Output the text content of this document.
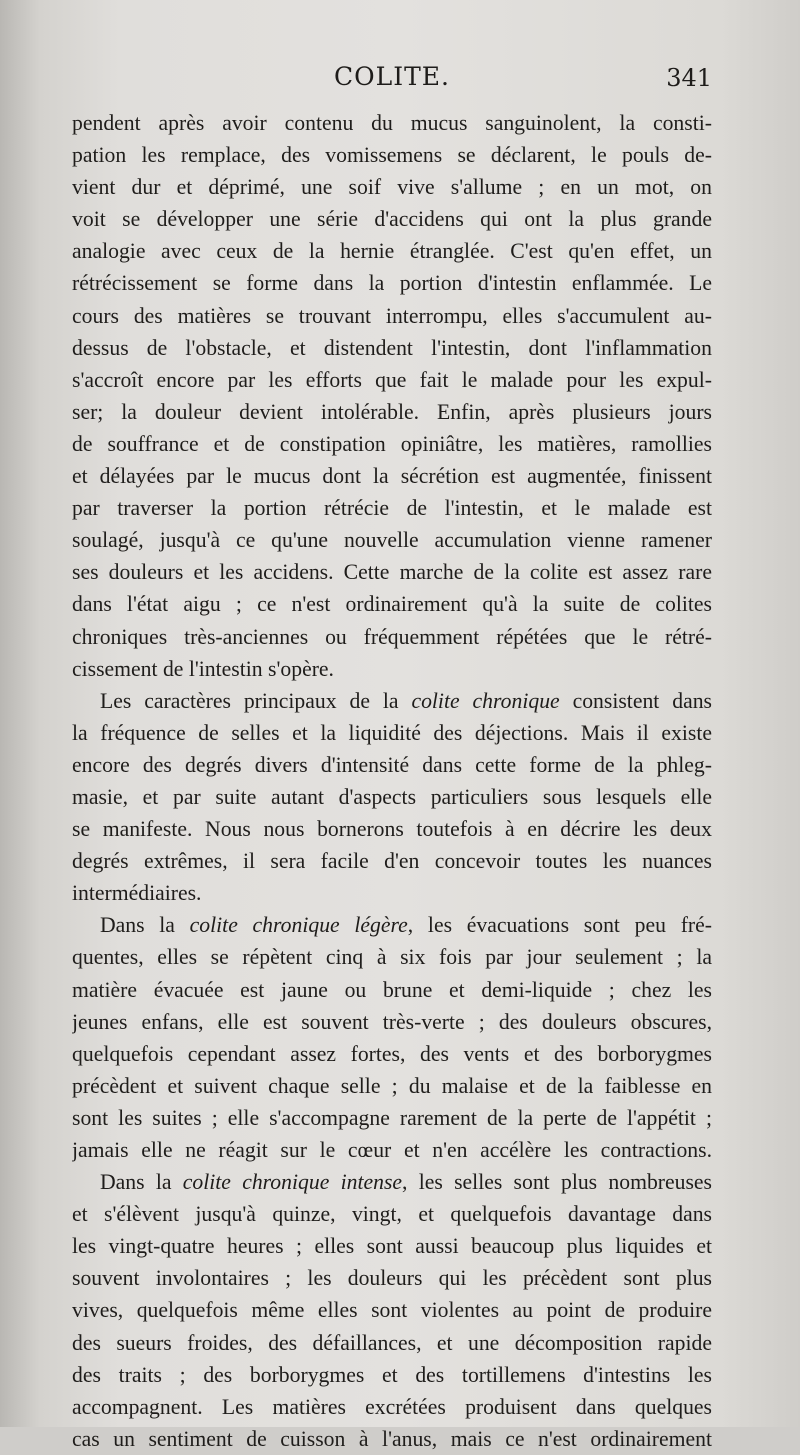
COLITE.	341
pendent après avoir contenu du mucus sanguinolent, la consti-
pation les remplace, des vomissemens se déclarent, le pouls de-
vient dur et déprimé, une soif vive s'allume ; en un mot, on
voit se développer une série d'accidens qui ont la plus grande
analogie avec ceux de la hernie étranglée. C'est qu'en effet, un
rétrécissement se forme dans la portion d'intestin enflammée. Le
cours des matières se trouvant interrompu, elles s'accumulent au-
dessus de l'obstacle, et distendent l'intestin, dont l'inflammation
s'accroît encore par les efforts que fait le malade pour les expul-
ser; la douleur devient intolérable. Enfin, après plusieurs jours
de souffrance et de constipation opiniâtre, les matières, ramollies
et délayées par le mucus dont la sécrétion est augmentée, finissent
par traverser la portion rétrécie de l'intestin, et le malade est
soulagé, jusqu'à ce qu'une nouvelle accumulation vienne ramener
ses douleurs et les accidens. Cette marche de la colite est assez rare
dans l'état aigu ; ce n'est ordinairement qu'à la suite de colites
chroniques très-anciennes ou fréquemment répétées que le rétré-
cissement de l'intestin s'opère.
Les caractères principaux de la colite chronique consistent dans
la fréquence de selles et la liquidité des déjections. Mais il existe
encore des degrés divers d'intensité dans cette forme de la phleg-
masie, et par suite autant d'aspects particuliers sous lesquels elle
se manifeste. Nous nous bornerons toutefois à en décrire les deux
degrés extrêmes, il sera facile d'en concevoir toutes les nuances
intermédiaires.
Dans la colite chronique légère, les évacuations sont peu fré-
quentes, elles se répètent cinq à six fois par jour seulement ; la
matière évacuée est jaune ou brune et demi-liquide ; chez les
jeunes enfans, elle est souvent très-verte ; des douleurs obscures,
quelquefois cependant assez fortes, des vents et des borborygmes
précèdent et suivent chaque selle ; du malaise et de la faiblesse en
sont les suites ; elle s'accompagne rarement de la perte de l'appétit ;
jamais elle ne réagit sur le cœur et n'en accélère les contractions.
Dans la colite chronique intense, les selles sont plus nombreuses
et s'élèvent jusqu'à quinze, vingt, et quelquefois davantage dans
les vingt-quatre heures ; elles sont aussi beaucoup plus liquides et
souvent involontaires ; les douleurs qui les précèdent sont plus
vives, quelquefois même elles sont violentes au point de produire
des sueurs froides, des défaillances, et une décomposition rapide
des traits ; des borborygmes et des tortillemens d'intestins les
accompagnent. Les matières excrétées produisent dans quelques
cas un sentiment de cuisson à l'anus, mais ce n'est ordinairement
